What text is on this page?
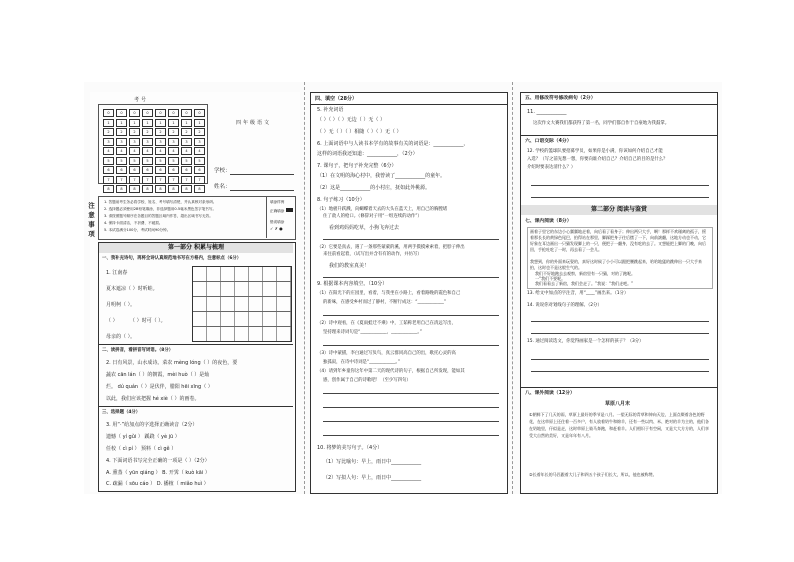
考号
0
1
2
3
4
5
6
7
8
0
1
2
3
4
5
6
7
8
0
1
2
3
4
5
6
7
8
0
1
2
3
4
5
6
7
8
0
1
2
3
4
5
6
7
8
0
1
2
3
4
5
6
7
8
0
1
2
3
4
5
6
7
8
0
1
2
3
4
5
6
7
8
四年级语文
学校：
姓名：
注意事项	1. 答题前考生务必将学校、姓名、考号填写清楚，并认真核对条形码。
2. 选择题必须使用2B铅笔填涂，非选择题用0.5毫米黑色签字笔书写。
3. 请按照题号顺序在各题目的答题区域内作答，超出区域书写无效。
4. 保持卡面清洁，不折叠、不破损。
5. 本试卷满分100分，考试时间90分钟。
填涂样例
正确填涂
错误填涂
✓ ✗ ●
第一部分 积累与梳理
一、我补充诗句，再将全诗认真规范地书写在方格内，注意标点（6分）
1. 江南春
夏木遮凉（ ）时听蛙。
月明柯（ ）。
（ ） （ ）时可（ ）。
母亲的（ ）。
二、读拼音，看拼音写词语。（8分）
2. 日有风景，山水成诗。菜农 mèng lóng（ ）的夜色，要
蔬农 cān lán（ ）的朝霞，mèi huò（ ）是灿
烂。 dú quán（ ）是伏伴，腊阳 hēi xīng（ ）
以此，我们应该把握 hé xiè（ ）的画卷。
三、选择题（4分）
3. 用“·”给加点的字选择正确读音（2分）
遗憾（ yí gǔi ） 蹊跷（ yè jū ）
任校（ cì pí ） 预料（ cì gě ）
4. 下面词语书写完全正确的一项是（ ）（2分）
A. 熏蒸（ yūn qiáng ） B. 开霁（ kuò kāi ）
C. 疏漏（ sōu cáo ） D. 播植（ miǎo huì ）
四、填空（28分）
5. 补充词语
（ ）（ ）（ ）无边（ ）无（ ）
（ ）无（ ）（ ）相随（ ）（ ）无（ ）
6. 上面词语中与人读书本学有的故事有关的词语是：____________，
这样的词语我还知道：____________，（2分）
7. 课句子，把句子补充完整（6分）
（1）在文明的海心村中，我曾读了____________的童年。
（2）这是____________的小村庄，抚如此外桃源。
8. 句子练习（10分）
（1）地板升跃溅，向蝴蝶着天去的大头在蓝天上，用自己的胸膛堵
住了敌人的枪口。（修辞对子用“一组连续的动作”）
看到鸡妈妈吃草，小狗飞奔过去
（2）它要是真去，遇了一条那些蒙蒙的溪，用两手摸摸索索着，把脖子伸出
来往前看起着，（试写出并含有有的动作，并仿写）
我们的教室真美！
9. 根据课本内容填空。（10分）
（1）在阳光下的庄园里，看着，与我坐在小路上，看着路晚的霞色和自己
的新味，在感受乡村而过了静村，不断行成这：“____________”
（2）诗中观看，在《夏雨蛙迁不乘》中，工茹称老用自己在清远写出，
坚持理来诗词句是“____________，____________。”
（3）诗中蒙描，李白通过写负鸟，真云群同高自己的出，歌托心灵的高
独孤寂，在诗中诗词是“____________。”
（4）请到年乡童你这年中第二天的现代诗的句子，根据自己所发现，能如其
感，创作属于自己的诗歌吧！（至少写四句）
10. 将梦的美写句子。（4分）
（1）写比喻句：早上，雨日中____________
（2）写拟人句：早上，雨日中____________
五、用修改符号修改病句（2分）
11. ____________
这次作文大赛我们都获得了第一名，同学们都自作于自豪地为我鼓掌。
六、口语交际（4分）
12. 学校的篮球队要招募学员，如果你是小满，你该如何介绍自己才能
入选？（写之前先想一想，你要向谁介绍自己？介绍自己的目的是什么？
介绍时要表达清什么？）
第二部分 阅读与鉴赏
七、课内阅读（8分）
画着子里它的东边小心翼翼地走着，向后看了看身子；伸出两只大手，啊！那样不欢瑾离的孤子，摇着那长长的黄绿色尾巴，拍得站在那里，脚踩把身子往后摆了一下，向前滚翻，这地方动也不动，它好象在耳边画出一只猫发现脚上的一只，便把子一翻身，没有吃的去了。又想能把上脚的门晚，向后回，手抢吐吃了一时，再去看了一会儿。
我想到，你的外面来玩耍的，真好这时候了小小可以跟把腰跳起来，哈哈地猛的跳伸出一只大手来拍，这时也不是这般生气的。
我们不好地跑去去观察，新宿里有一只猫，对的了跑呢。
一“我们不要呢。
我们看看去了新宿，我们会走了。”我说：“我们走吧。”
13. 给文中加点的字注音，用“____”画出来。（1分）
14. 说说你对划线句子的理解。（2分）
15. 通过阅读选文，你觉得画家是一个怎样的孩子？（3分）
八、课外阅读（12分）
草原八月末
①朝鲜下了几天的雨，草原上最好的季节是八月。一望无际的青草和伸向天边，上面点缀着各色的野花，在这草原上还住着一百多户，有人放着奶牛和绵羊，还有一些以肉、米、绝对的羊为主的，他们各在奶地里，仔似是走，这时草原上骑马奔跑，和赶着羊。人们相识于有空闲，又是大大方方的，人们享受大自然的美好，又是年年有八月。
②长着年长的马匹跟着大儿子和四五个孩子们长大，所以，他也被称赞。
